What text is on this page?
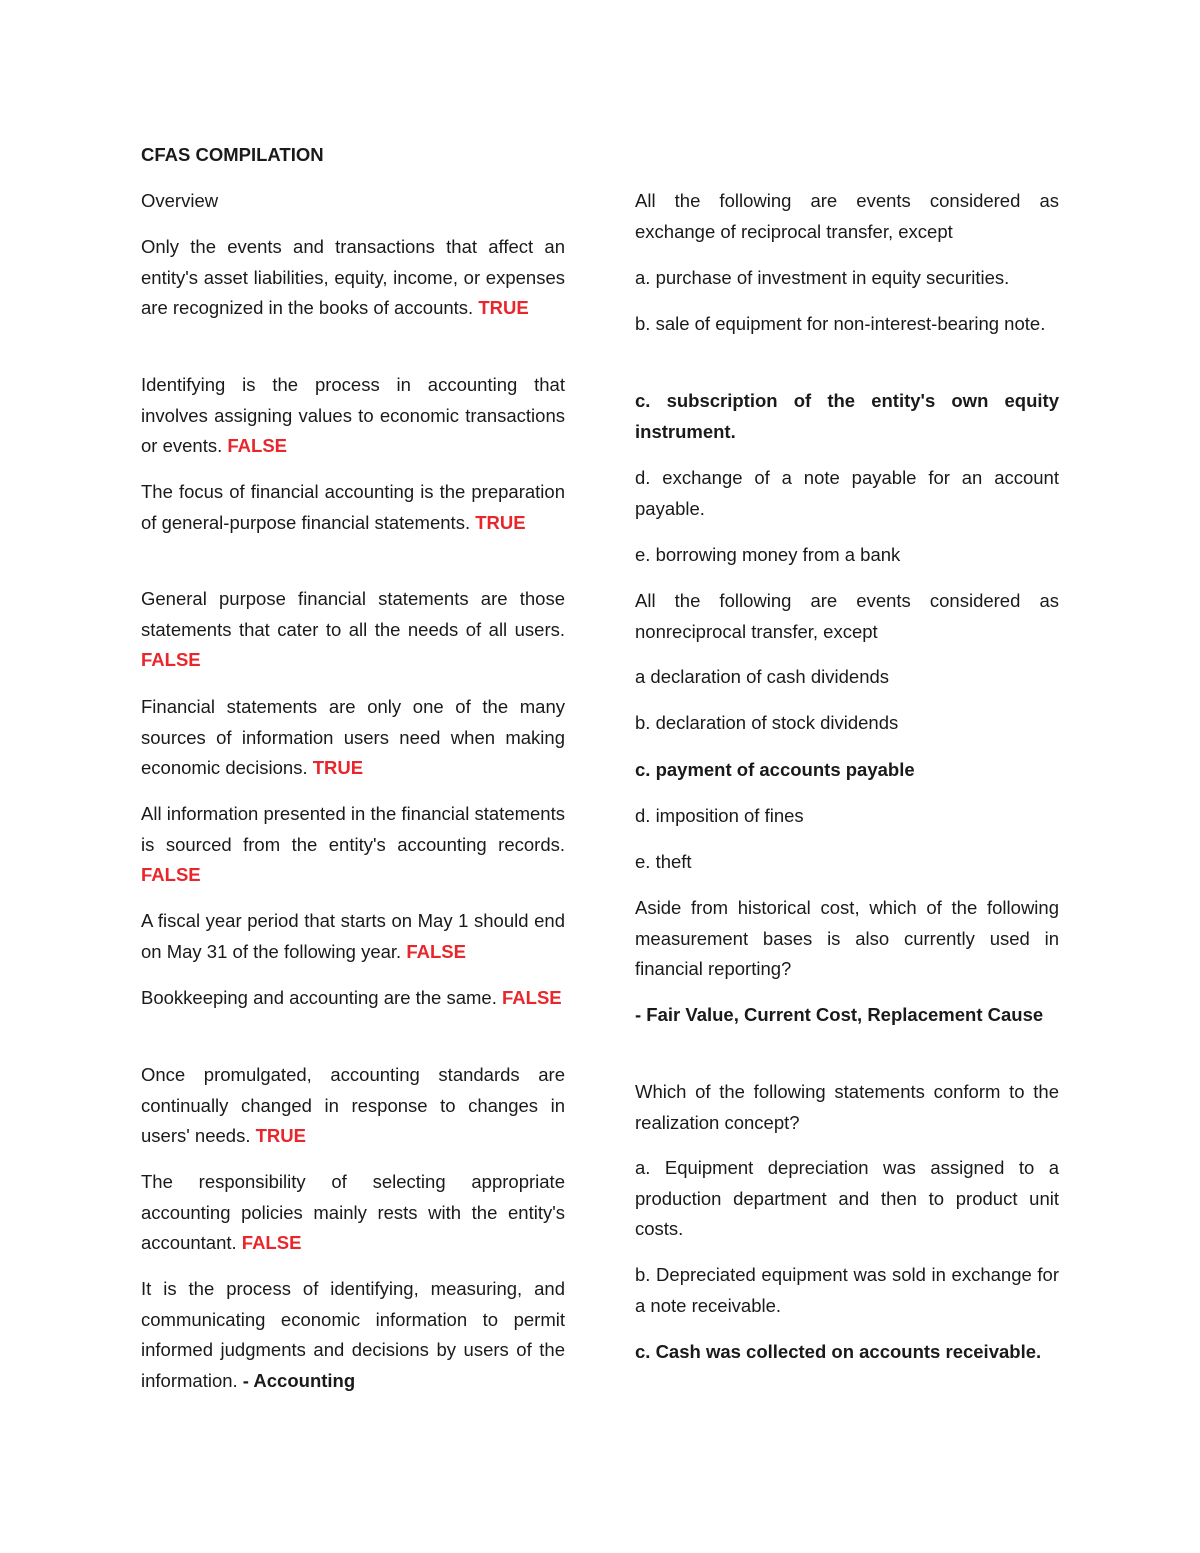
CFAS COMPILATION

Overview

Only the events and transactions that affect an entity's asset liabilities, equity, income, or expenses are recognized in the books of accounts. TRUE

Identifying is the process in accounting that involves assigning values to economic transactions or events. FALSE

The focus of financial accounting is the preparation of general-purpose financial statements. TRUE

General purpose financial statements are those statements that cater to all the needs of all users. FALSE

Financial statements are only one of the many sources of information users need when making economic decisions. TRUE

All information presented in the financial statements is sourced from the entity's accounting records. FALSE

A fiscal year period that starts on May 1 should end on May 31 of the following year. FALSE

Bookkeeping and accounting are the same. FALSE

Once promulgated, accounting standards are continually changed in response to changes in users' needs. TRUE

The responsibility of selecting appropriate accounting policies mainly rests with the entity's accountant. FALSE

It is the process of identifying, measuring, and communicating economic information to permit informed judgments and decisions by users of the information. - Accounting

All the following are events considered as exchange of reciprocal transfer, except

a. purchase of investment in equity securities.

b. sale of equipment for non-interest-bearing note.

c. subscription of the entity's own equity instrument.

d. exchange of a note payable for an account payable.

e. borrowing money from a bank

All the following are events considered as nonreciprocal transfer, except

a declaration of cash dividends

b. declaration of stock dividends

c. payment of accounts payable

d. imposition of fines

e. theft

Aside from historical cost, which of the following measurement bases is also currently used in financial reporting?

- Fair Value, Current Cost, Replacement Cause

Which of the following statements conform to the realization concept?

a. Equipment depreciation was assigned to a production department and then to product unit costs.

b. Depreciated equipment was sold in exchange for a note receivable.

c. Cash was collected on accounts receivable.
